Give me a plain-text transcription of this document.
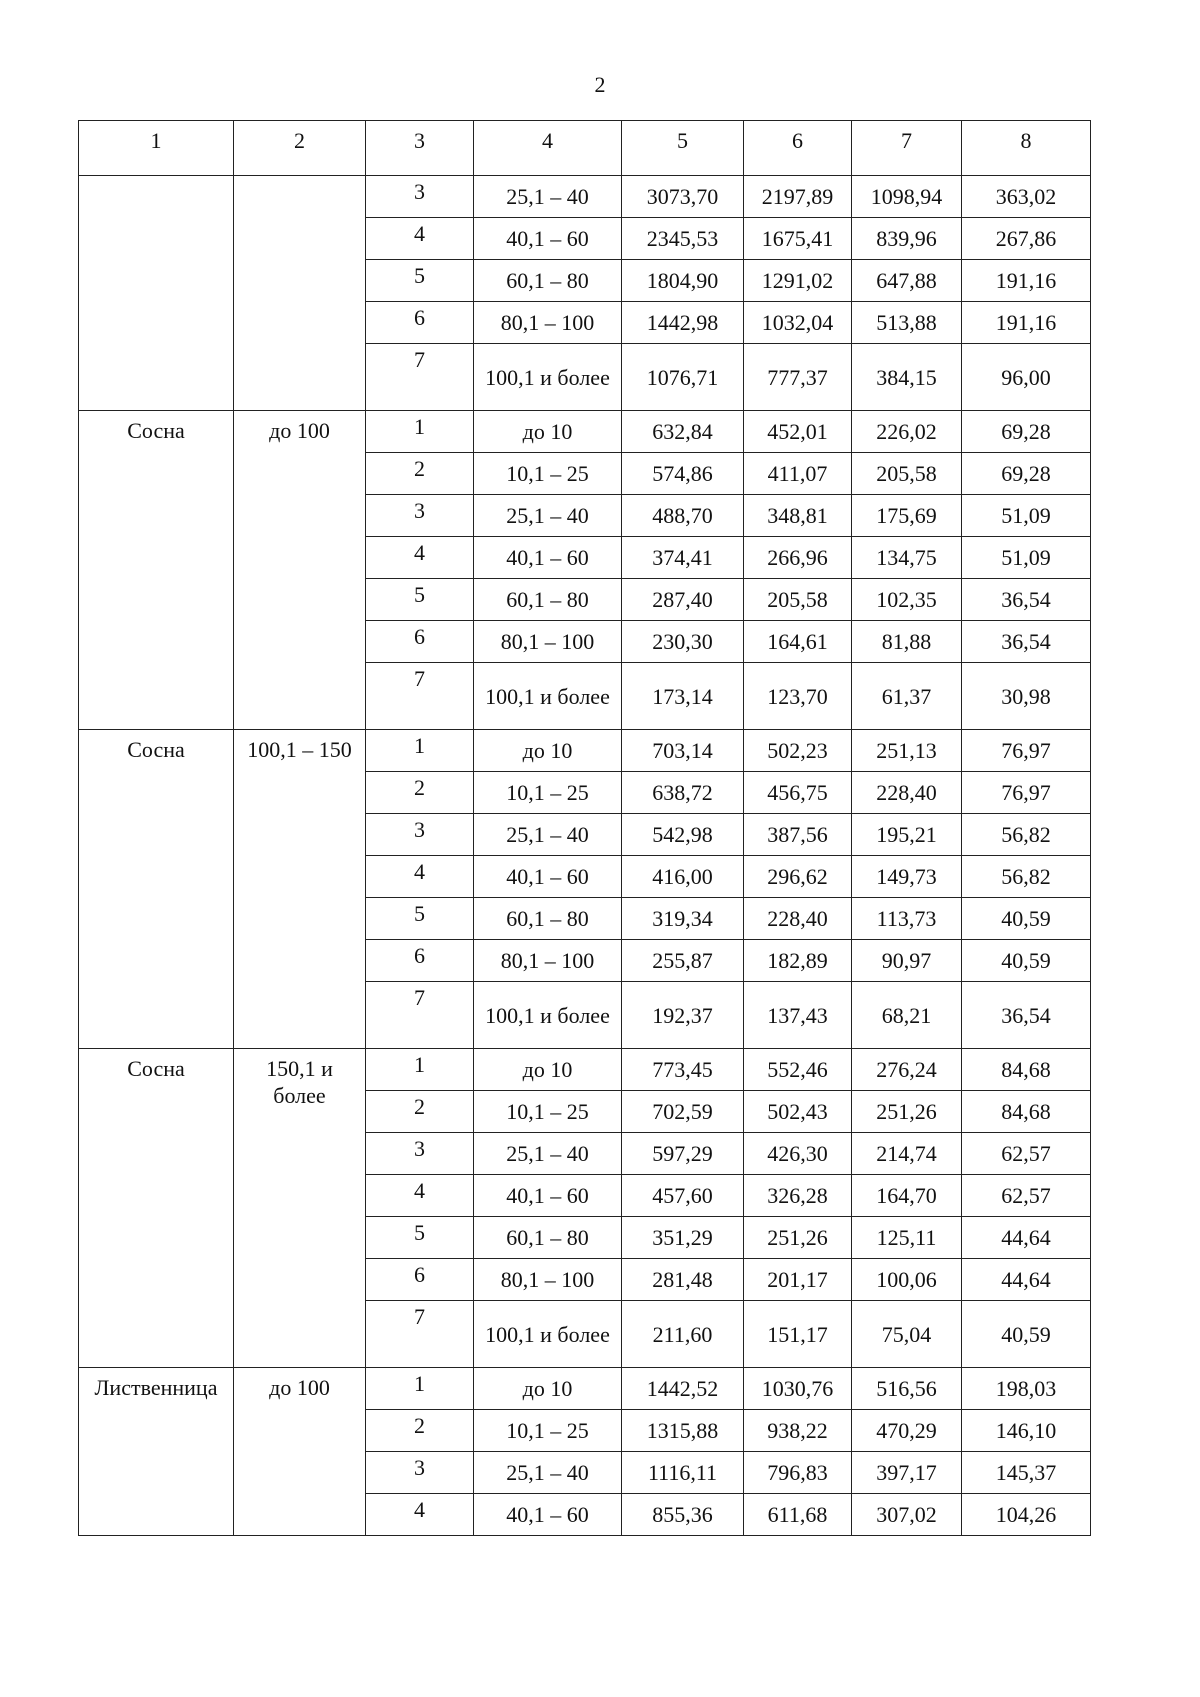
2
1	2	3	4	5	6	7	8
		3	25,1 – 40	3073,70	2197,89	1098,94	363,02
		4	40,1 – 60	2345,53	1675,41	839,96	267,86
		5	60,1 – 80	1804,90	1291,02	647,88	191,16
		6	80,1 – 100	1442,98	1032,04	513,88	191,16
		7	100,1 и более	1076,71	777,37	384,15	96,00
Сосна	до 100	1	до 10	632,84	452,01	226,02	69,28
		2	10,1 – 25	574,86	411,07	205,58	69,28
		3	25,1 – 40	488,70	348,81	175,69	51,09
		4	40,1 – 60	374,41	266,96	134,75	51,09
		5	60,1 – 80	287,40	205,58	102,35	36,54
		6	80,1 – 100	230,30	164,61	81,88	36,54
		7	100,1 и более	173,14	123,70	61,37	30,98
Сосна	100,1 – 150	1	до 10	703,14	502,23	251,13	76,97
		2	10,1 – 25	638,72	456,75	228,40	76,97
		3	25,1 – 40	542,98	387,56	195,21	56,82
		4	40,1 – 60	416,00	296,62	149,73	56,82
		5	60,1 – 80	319,34	228,40	113,73	40,59
		6	80,1 – 100	255,87	182,89	90,97	40,59
		7	100,1 и более	192,37	137,43	68,21	36,54
Сосна	150,1 и более	1	до 10	773,45	552,46	276,24	84,68
		2	10,1 – 25	702,59	502,43	251,26	84,68
		3	25,1 – 40	597,29	426,30	214,74	62,57
		4	40,1 – 60	457,60	326,28	164,70	62,57
		5	60,1 – 80	351,29	251,26	125,11	44,64
		6	80,1 – 100	281,48	201,17	100,06	44,64
		7	100,1 и более	211,60	151,17	75,04	40,59
Лиственница	до 100	1	до 10	1442,52	1030,76	516,56	198,03
		2	10,1 – 25	1315,88	938,22	470,29	146,10
		3	25,1 – 40	1116,11	796,83	397,17	145,37
		4	40,1 – 60	855,36	611,68	307,02	104,26
